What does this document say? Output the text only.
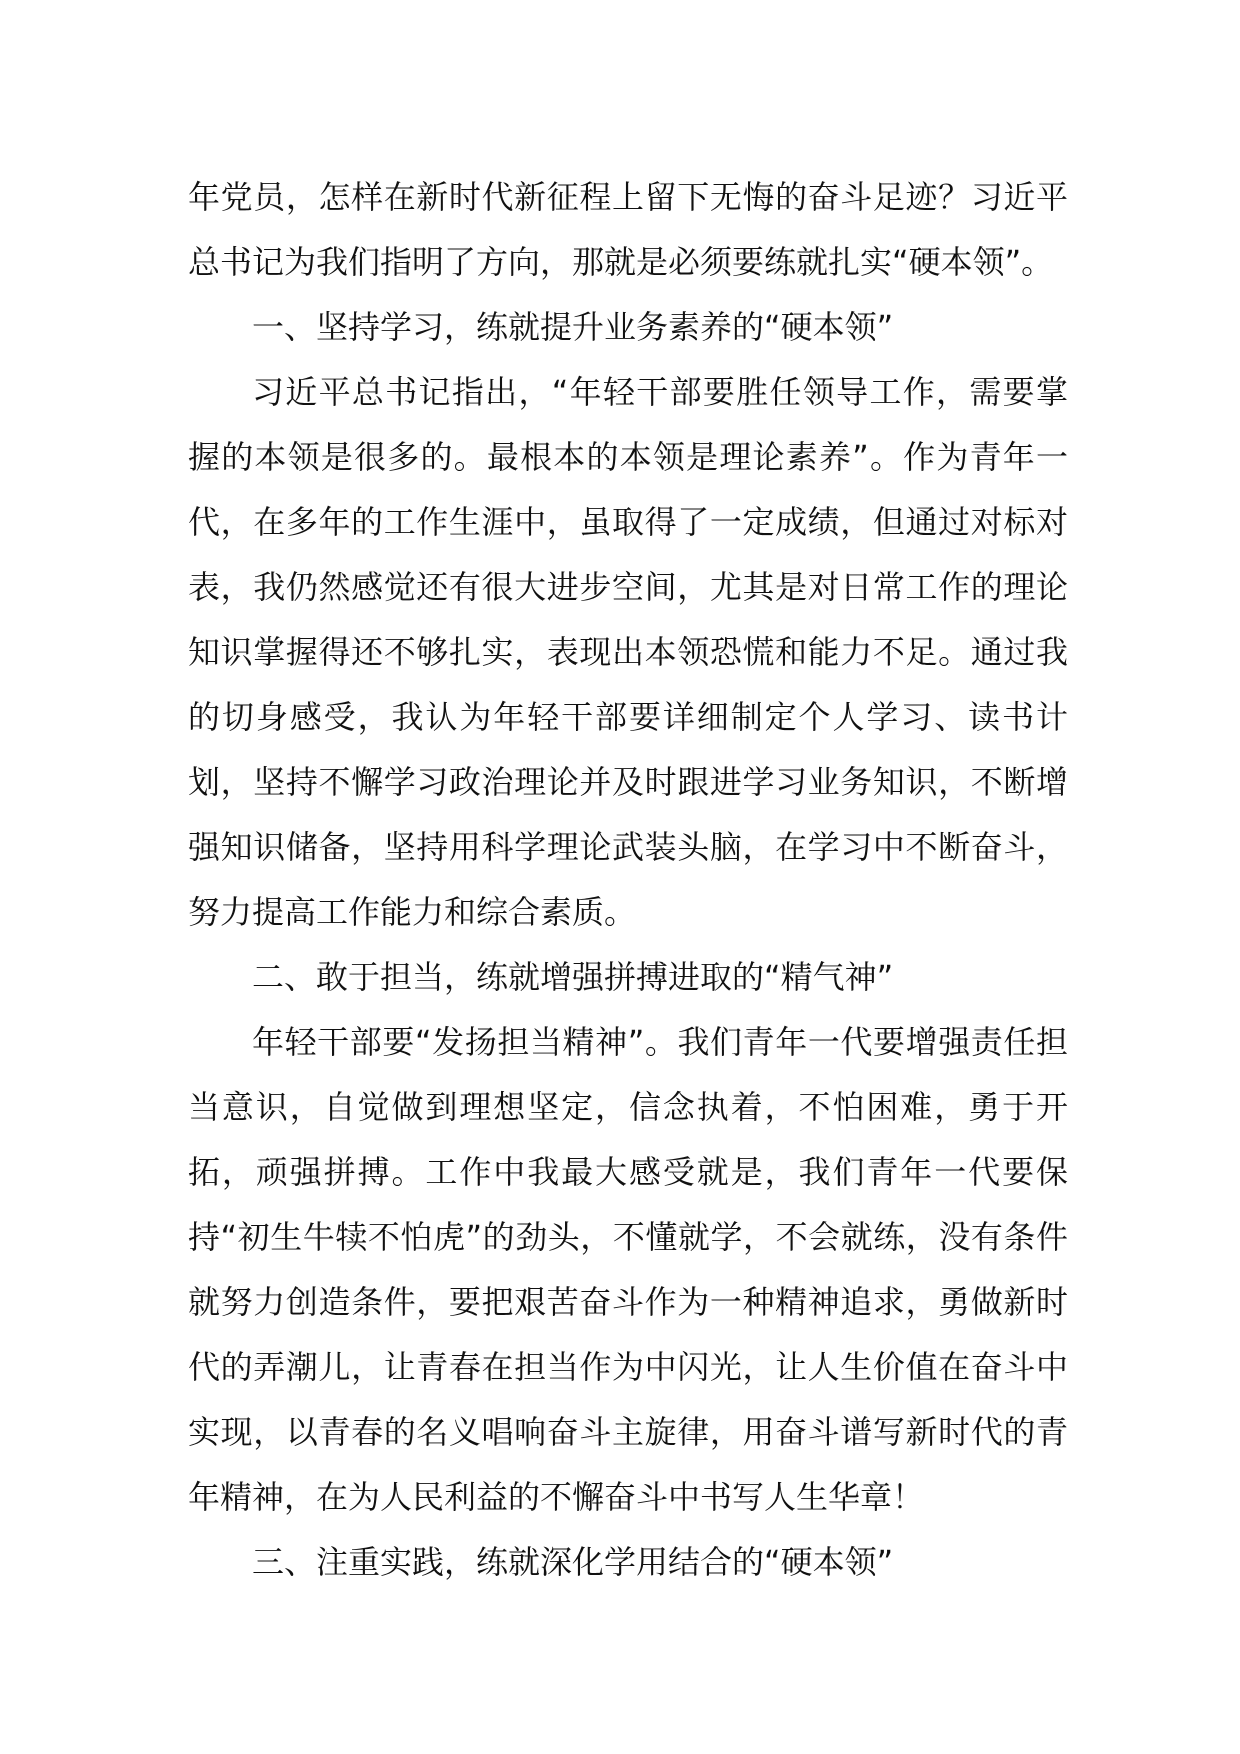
年党员，怎样在新时代新征程上留下无悔的奋斗足迹？习近平总书记为我们指明了方向，那就是必须要练就扎实“硬本领”。

一、坚持学习，练就提升业务素养的“硬本领”

习近平总书记指出，“年轻干部要胜任领导工作，需要掌握的本领是很多的。最根本的本领是理论素养”。作为青年一代，在多年的工作生涯中，虽取得了一定成绩，但通过对标对表，我仍然感觉还有很大进步空间，尤其是对日常工作的理论知识掌握得还不够扎实，表现出本领恐慌和能力不足。通过我的切身感受，我认为年轻干部要详细制定个人学习、读书计划，坚持不懈学习政治理论并及时跟进学习业务知识，不断增强知识储备，坚持用科学理论武装头脑，在学习中不断奋斗，努力提高工作能力和综合素质。

二、敢于担当，练就增强拼搏进取的“精气神”

年轻干部要“发扬担当精神”。我们青年一代要增强责任担当意识，自觉做到理想坚定，信念执着，不怕困难，勇于开拓，顽强拼搏。工作中我最大感受就是，我们青年一代要保持“初生牛犊不怕虎”的劲头，不懂就学，不会就练，没有条件就努力创造条件，要把艰苦奋斗作为一种精神追求，勇做新时代的弄潮儿，让青春在担当作为中闪光，让人生价值在奋斗中实现，以青春的名义唱响奋斗主旋律，用奋斗谱写新时代的青年精神，在为人民利益的不懈奋斗中书写人生华章！

三、注重实践，练就深化学用结合的“硬本领”
